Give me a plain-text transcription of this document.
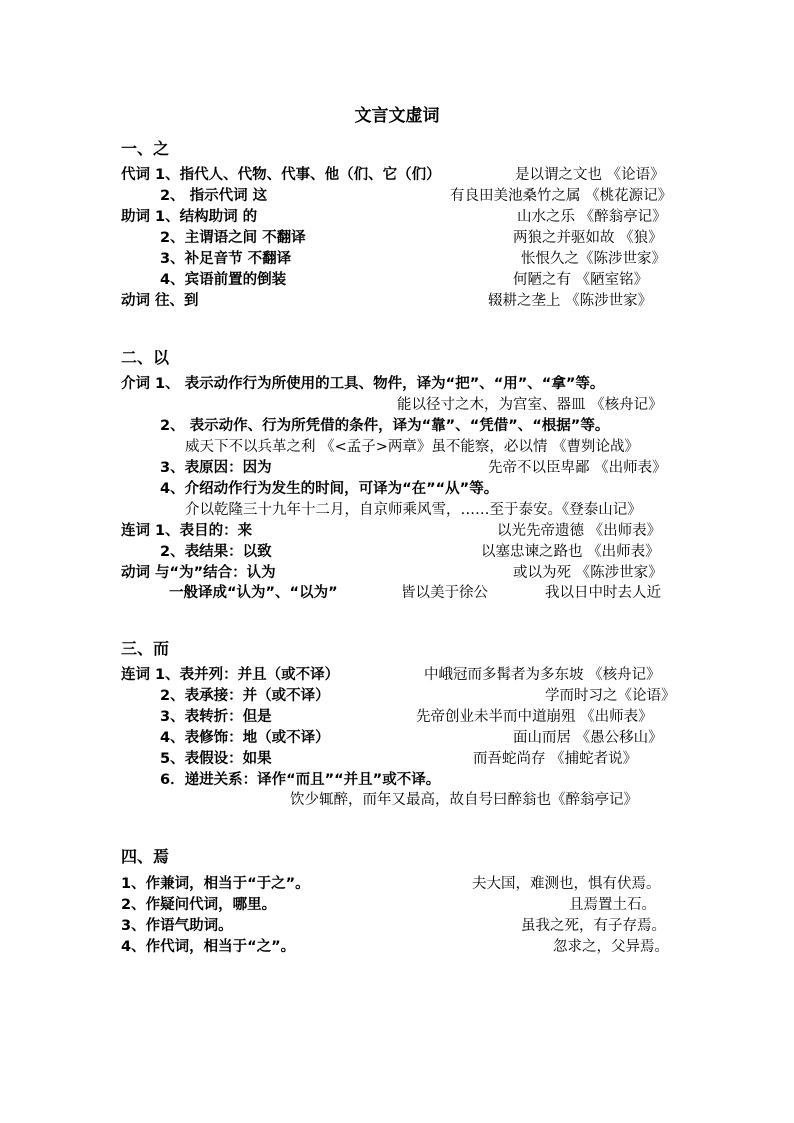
文言文虚词
一、之
代词 1、指代人、代物、代事、他（们、它（们）	是以谓之文也 《论语》
2、 指示代词 这	有良田美池桑竹之属 《桃花源记》
助词 1、结构助词 的	山水之乐 《醉翁亭记》
2、主谓语之间 不翻译	两狼之并驱如故 《狼》
3、补足音节 不翻译	怅恨久之《陈涉世家》
4、宾语前置的倒装	何陋之有 《陋室铭》
动词 往、到	辍耕之垄上 《陈涉世家》
二、以
介词 1、 表示动作行为所使用的工具、物件，译为“把”、“用”、“拿”等。
能以径寸之木，为宫室、器皿 《核舟记》
2、 表示动作、行为所凭借的条件，译为“靠”、“凭借”、“根据”等。
威天下不以兵革之利 《<孟子>两章》虽不能察，必以情 《曹刿论战》
3、表原因：因为	先帝不以臣卑鄙 《出师表》
4、介绍动作行为发生的时间，可译为“在”“从”等。
介以乾隆三十九年十二月，自京师乘风雪，……至于泰安。《登泰山记》
连词 1、表目的：来	以光先帝遗德 《出师表》
2、表结果：以致	以塞忠谏之路也 《出师表》
动词 与“为”结合：认为	或以为死 《陈涉世家》
一般译成“认为”、“以为”	皆以美于徐公	我以日中时去人近
三、而
连词 1、表并列：并且（或不译）	中峨冠而多髯者为多东坡 《核舟记》
2、表承接：并（或不译）	学而时习之《论语》
3、表转折：但是	先帝创业未半而中道崩殂 《出师表》
4、表修饰：地（或不译）	面山而居 《愚公移山》
5、表假设：如果	而吾蛇尚存 《捕蛇者说》
6．递进关系：译作“而且”“并且”或不译。
饮少辄醉，而年又最高，故自号曰醉翁也《醉翁亭记》
四、焉
1、作兼词，相当于“于之”。	夫大国，难测也，惧有伏焉。
2、作疑问代词，哪里。	且焉置土石。
3、作语气助词。	虽我之死，有子存焉。
4、作代词，相当于“之”。	忽求之，父异焉。
